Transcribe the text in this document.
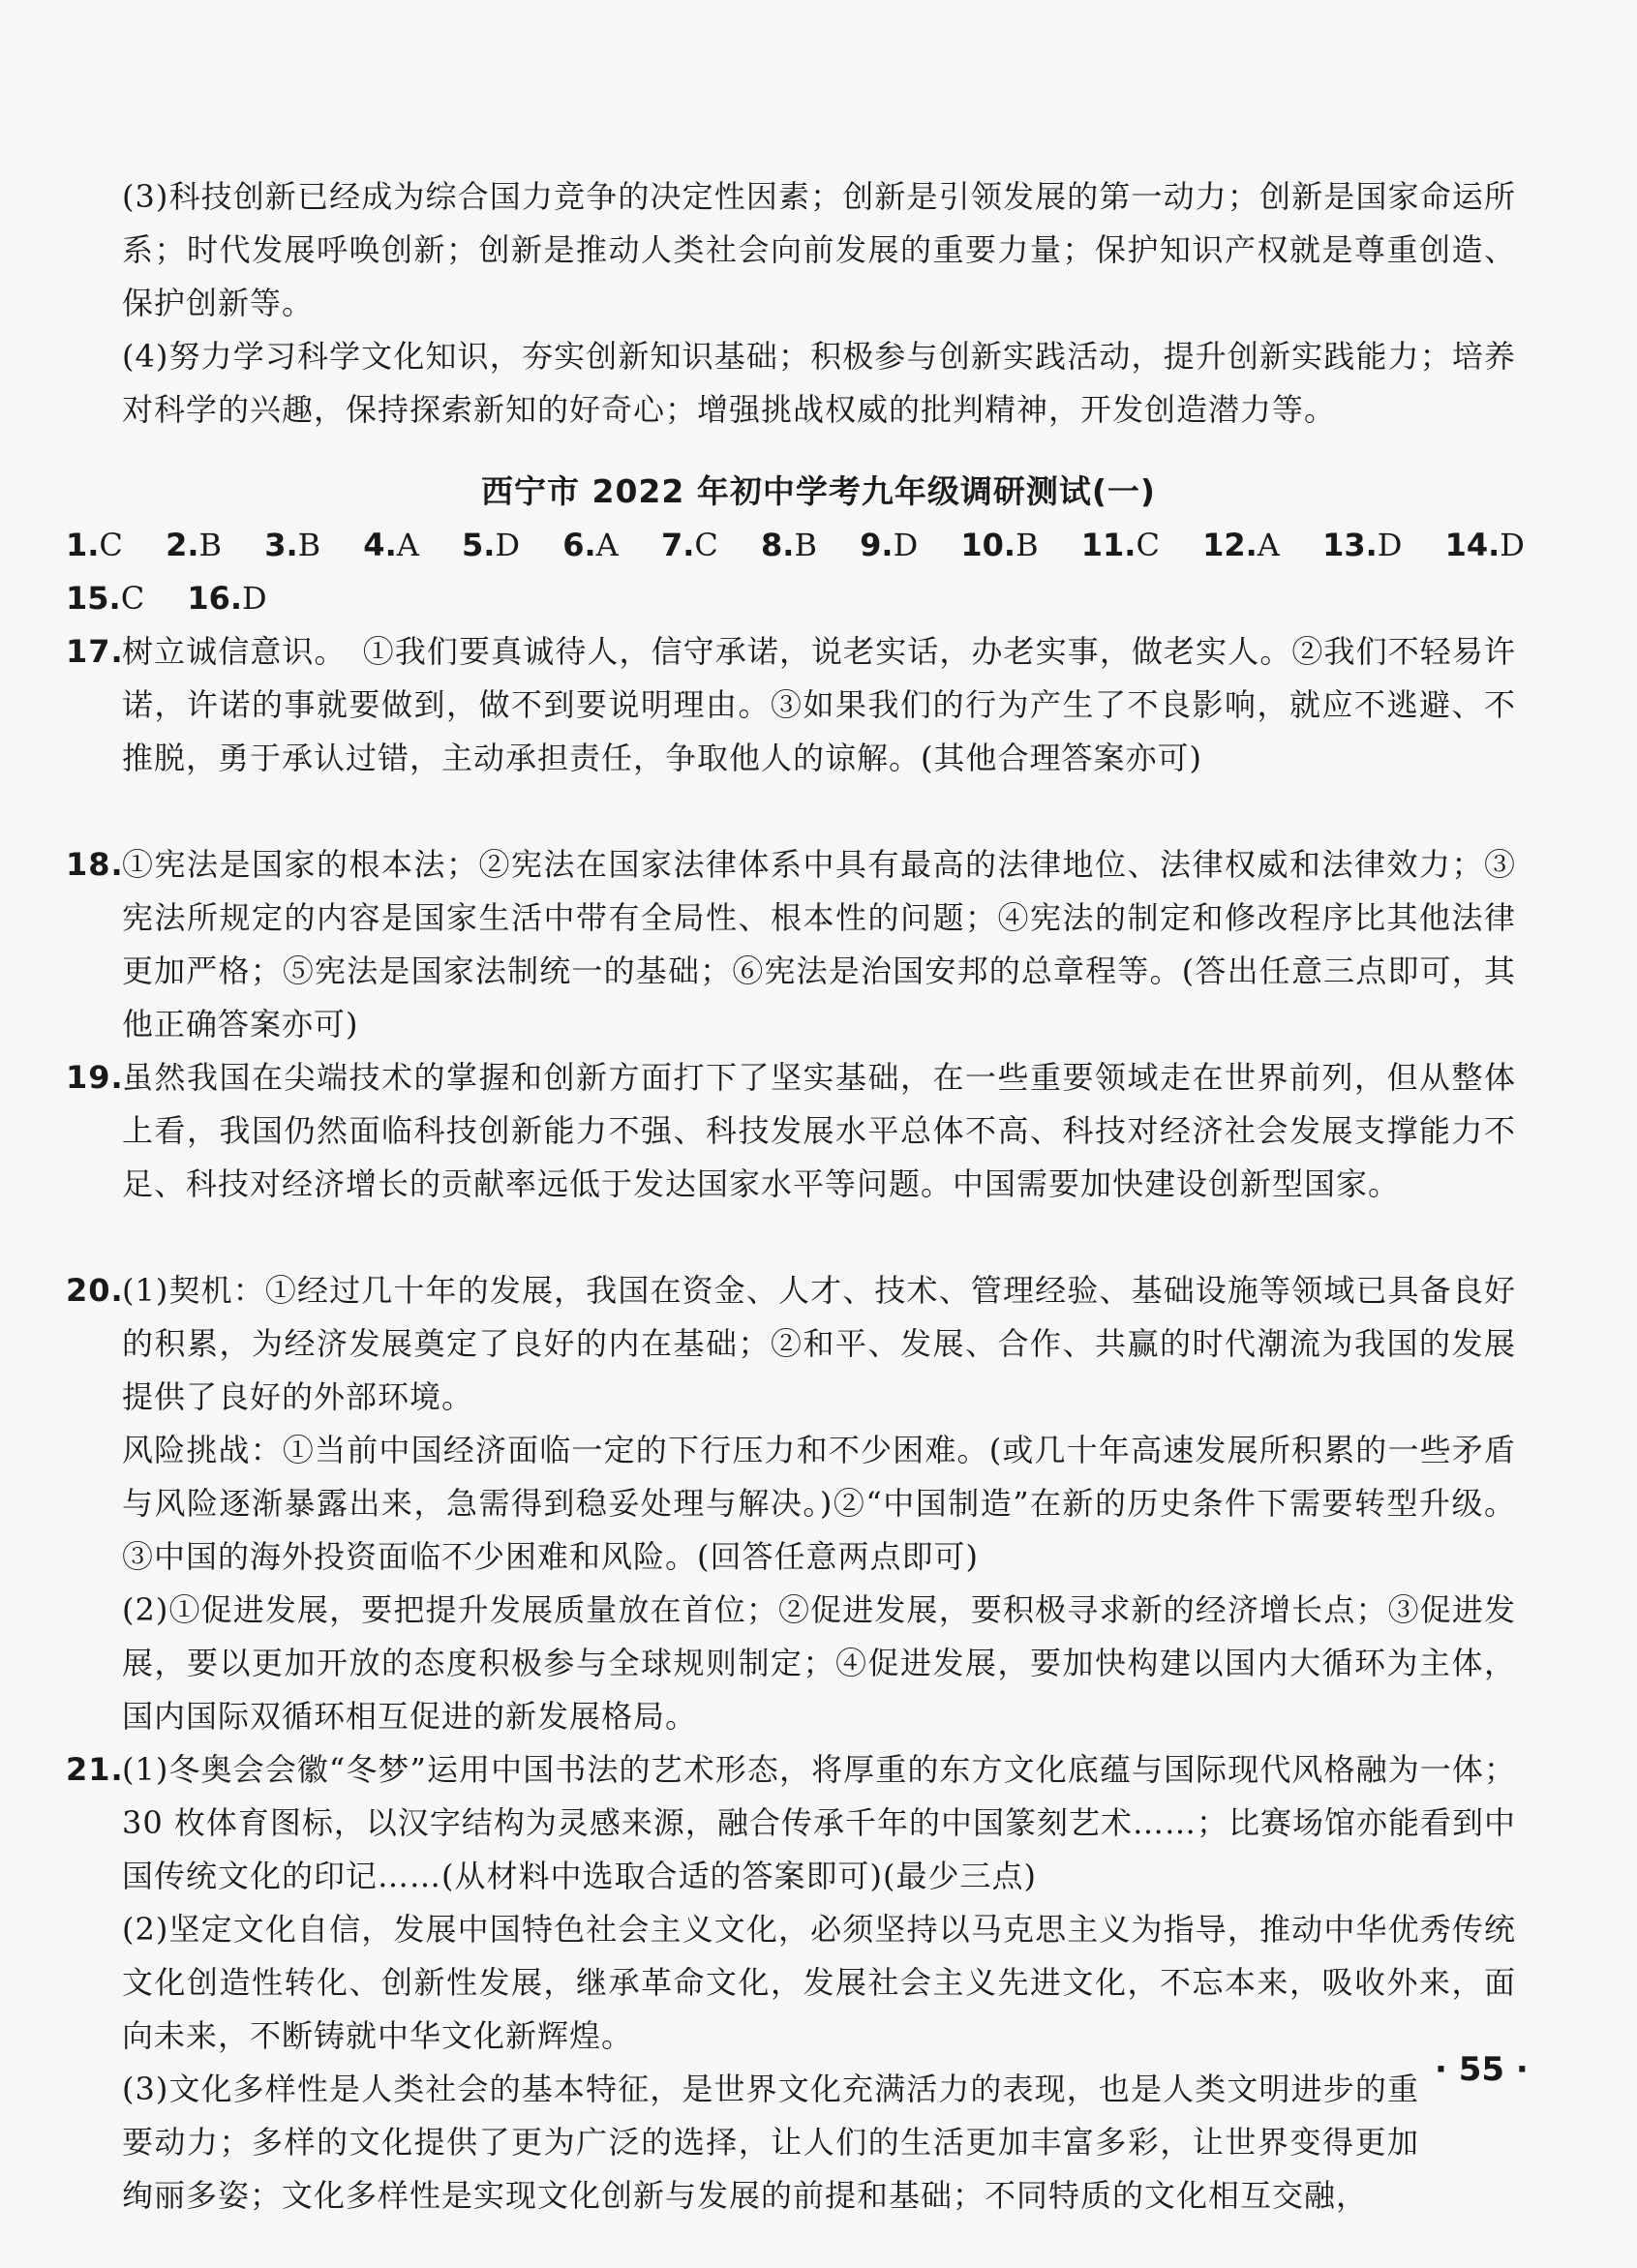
(3)科技创新已经成为综合国力竞争的决定性因素；创新是引领发展的第一动力；创新是国家命运所系；时代发展呼唤创新；创新是推动人类社会向前发展的重要力量；保护知识产权就是尊重创造、保护创新等。

(4)努力学习科学文化知识，夯实创新知识基础；积极参与创新实践活动，提升创新实践能力；培养对科学的兴趣，保持探索新知的好奇心；增强挑战权威的批判精神，开发创造潜力等。

西宁市 2022 年初中学考九年级调研测试(一)
1.C 2.B 3.B 4.A 5.D 6.A 7.C 8.B 9.D 10.B 11.C 12.A 13.D 14.D
15.C 16.D
17.
树立诚信意识。　①我们要真诚待人，信守承诺，说老实话，办老实事，做老实人。②我们不轻易许诺，许诺的事就要做到，做不到要说明理由。③如果我们的行为产生了不良影响，就应不逃避、不推脱，勇于承认过错，主动承担责任，争取他人的谅解。(其他合理答案亦可)
18.
①宪法是国家的根本法；②宪法在国家法律体系中具有最高的法律地位、法律权威和法律效力；③宪法所规定的内容是国家生活中带有全局性、根本性的问题；④宪法的制定和修改程序比其他法律更加严格；⑤宪法是国家法制统一的基础；⑥宪法是治国安邦的总章程等。(答出任意三点即可，其他正确答案亦可)
19.
虽然我国在尖端技术的掌握和创新方面打下了坚实基础，在一些重要领域走在世界前列，但从整体上看，我国仍然面临科技创新能力不强、科技发展水平总体不高、科技对经济社会发展支撑能力不足、科技对经济增长的贡献率远低于发达国家水平等问题。中国需要加快建设创新型国家。
20.
(1)契机：①经过几十年的发展，我国在资金、人才、技术、管理经验、基础设施等领域已具备良好的积累，为经济发展奠定了良好的内在基础；②和平、发展、合作、共赢的时代潮流为我国的发展提供了良好的外部环境。

风险挑战：①当前中国经济面临一定的下行压力和不少困难。(或几十年高速发展所积累的一些矛盾与风险逐渐暴露出来，急需得到稳妥处理与解决。)②“中国制造”在新的历史条件下需要转型升级。③中国的海外投资面临不少困难和风险。(回答任意两点即可)

(2)①促进发展，要把提升发展质量放在首位；②促进发展，要积极寻求新的经济增长点；③促进发展，要以更加开放的态度积极参与全球规则制定；④促进发展，要加快构建以国内大循环为主体，国内国际双循环相互促进的新发展格局。

21.
(1)冬奥会会徽“冬梦”运用中国书法的艺术形态，将厚重的东方文化底蕴与国际现代风格融为一体；30 枚体育图标，以汉字结构为灵感来源，融合传承千年的中国篆刻艺术……；比赛场馆亦能看到中国传统文化的印记……(从材料中选取合适的答案即可)(最少三点)

(2)坚定文化自信，发展中国特色社会主义文化，必须坚持以马克思主义为指导，推动中华优秀传统文化创造性转化、创新性发展，继承革命文化，发展社会主义先进文化，不忘本来，吸收外来，面向未来，不断铸就中华文化新辉煌。

(3)文化多样性是人类社会的基本特征，是世界文化充满活力的表现，也是人类文明进步的重要动力；多样的文化提供了更为广泛的选择，让人们的生活更加丰富多彩，让世界变得更加绚丽多姿；文化多样性是实现文化创新与发展的前提和基础；不同特质的文化相互交融，

· 55 ·
